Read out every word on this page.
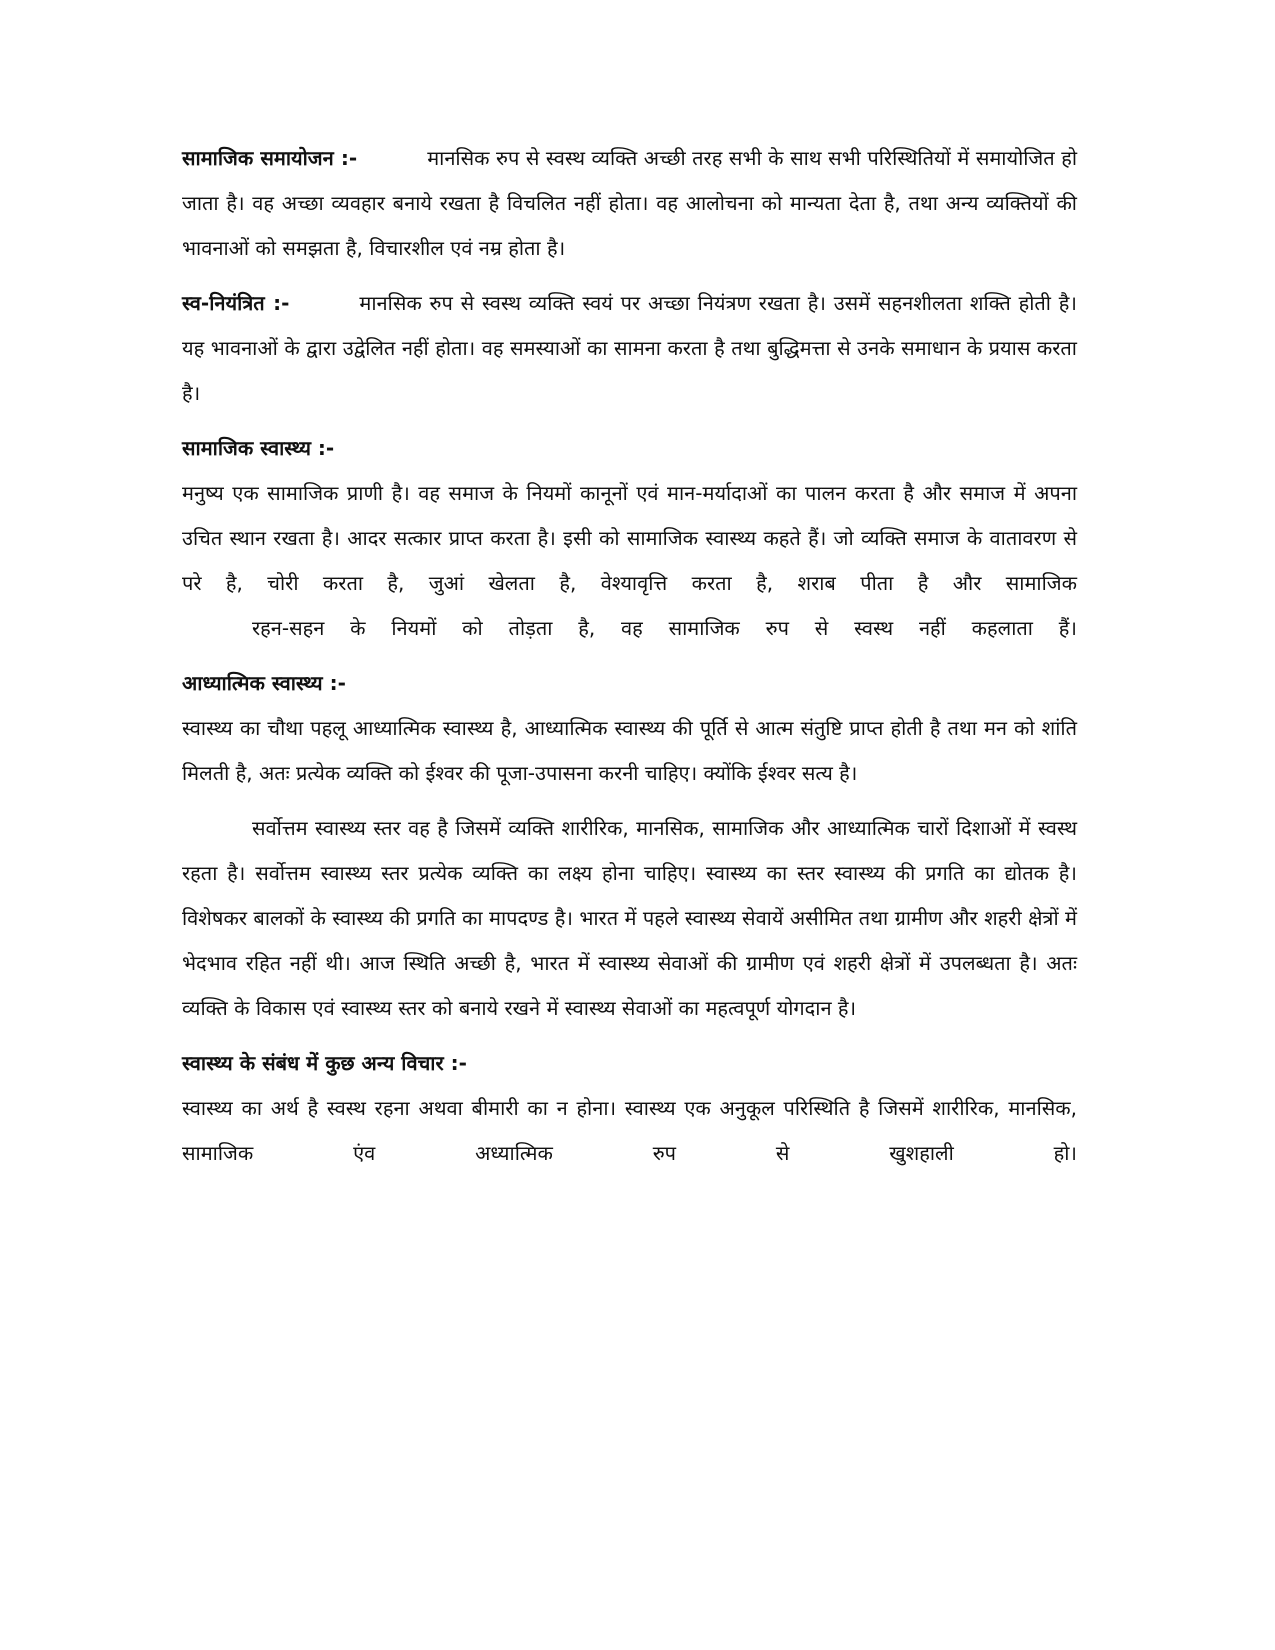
सामाजिक समायोजन :-	मानसिक रुप से स्वस्थ व्यक्ति अच्छी तरह सभी के साथ सभी परिस्थितियों में समायोजित हो जाता है। वह अच्छा व्यवहार बनाये रखता है विचलित नहीं होता। वह आलोचना को मान्यता देता है, तथा अन्य व्यक्तियों की भावनाओं को समझता है, विचारशील एवं नम्र होता है।

स्व-नियंत्रित :-	मानसिक रुप से स्वस्थ व्यक्ति स्वयं पर अच्छा नियंत्रण रखता है। उसमें सहनशीलता शक्ति होती है। यह भावनाओं के द्वारा उद्वेलित नहीं होता। वह समस्याओं का सामना करता है तथा बुद्धिमत्ता से उनके समाधान के प्रयास करता है।

सामाजिक स्वास्थ्य :-

मनुष्य एक सामाजिक प्राणी है। वह समाज के नियमों कानूनों एवं मान-मर्यादाओं का पालन करता है और समाज में अपना उचित स्थान रखता है। आदर सत्कार प्राप्त करता है। इसी को सामाजिक स्वास्थ्य कहते हैं। जो व्यक्ति समाज के वातावरण से परे है, चोरी करता है, जुआं खेलता है, वेश्यावृत्ति करता है, शराब पीता है और सामाजिक

रहन-सहन के नियमों को तोड़ता है, वह सामाजिक रुप से स्वस्थ नहीं कहलाता हैं।

आध्यात्मिक स्वास्थ्य :-

स्वास्थ्य का चौथा पहलू आध्यात्मिक स्वास्थ्य है, आध्यात्मिक स्वास्थ्य की पूर्ति से आत्म संतुष्टि प्राप्त होती है तथा मन को शांति मिलती है, अतः प्रत्येक व्यक्ति को ईश्वर की पूजा-उपासना करनी चाहिए। क्योंकि ईश्वर सत्य है।

सर्वोत्तम स्वास्थ्य स्तर वह है जिसमें व्यक्ति शारीरिक, मानसिक, सामाजिक और आध्यात्मिक चारों दिशाओं में स्वस्थ रहता है। सर्वोत्तम स्वास्थ्य स्तर प्रत्येक व्यक्ति का लक्ष्य होना चाहिए। स्वास्थ्य का स्तर स्वास्थ्य की प्रगति का द्योतक है। विशेषकर बालकों के स्वास्थ्य की प्रगति का मापदण्ड है। भारत में पहले स्वास्थ्य सेवायें असीमित तथा ग्रामीण और शहरी क्षेत्रों में भेदभाव रहित नहीं थी। आज स्थिति अच्छी है, भारत में स्वास्थ्य सेवाओं की ग्रामीण एवं शहरी क्षेत्रों में उपलब्धता है। अतः व्यक्ति के विकास एवं स्वास्थ्य स्तर को बनाये रखने में स्वास्थ्य सेवाओं का महत्वपूर्ण योगदान है।

स्वास्थ्य के संबंध में कुछ अन्य विचार :-

स्वास्थ्य का अर्थ है स्वस्थ रहना अथवा बीमारी का न होना। स्वास्थ्य एक अनुकूल परिस्थिति है जिसमें शारीरिक, मानसिक, सामाजिक एंव अध्यात्मिक रुप से खुशहाली हो।
